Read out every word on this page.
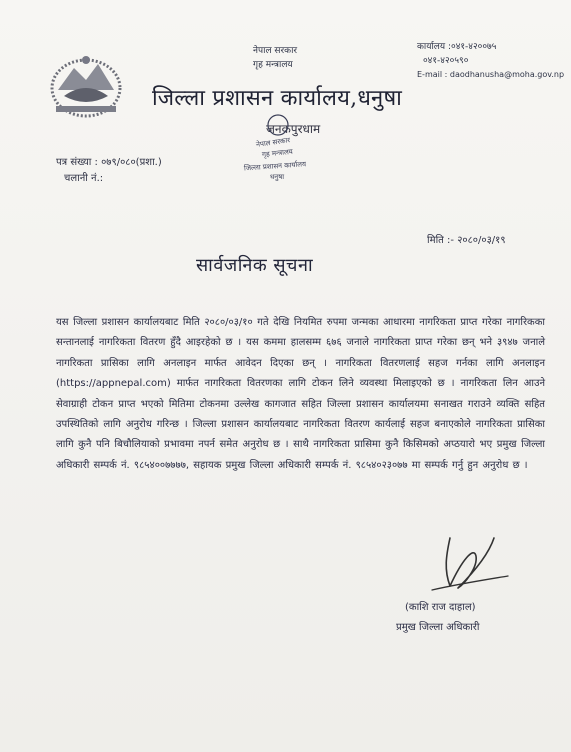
नेपाल सरकार
गृह मन्त्रालय
कार्यालय :०४१-४२००७५
०४१-४२०५९०
E-mail : daodhanusha@moha.gov.np
जिल्ला प्रशासन कार्यालय,धनुषा
जनकपुरधाम
नेपाल सरकार
गृह मन्त्रालय
जिल्ला प्रशासन कार्यालय
धनुषा
पत्र संख्या : ०७९/०८०(प्रशा.)
चलानी नं.:
मिति :- २०८०/०३/१९
सार्वजनिक सूचना

यस जिल्ला प्रशासन कार्यालयबाट मिति २०८०/०३/१० गते देखि नियमित रुपमा जन्मका आधारमा नागरिकता प्राप्त गरेका नागरिकका सन्तानलाई नागरिकता वितरण हुँदै आइरहेको छ । यस कममा हालसम्म ६७६ जनाले नागरिकता प्राप्त गरेका छन् भने ३९४७ जनाले नागरिकता प्रासिका लागि अनलाइन मार्फत आवेदन दिएका छन् । नागरिकता वितरणलाई सहज गर्नका लागि अनलाइन (https://appnepal.com) मार्फत नागरिकता वितरणका लागि टोकन लिने व्यवस्था मिलाइएको छ । नागरिकता लिन आउने सेवाग्राही टोकन प्राप्त भएको मितिमा टोकनमा उल्लेख कागजात सहित जिल्ला प्रशासन कार्यालयमा सनाखत गराउने व्यक्ति सहित उपस्थितिको लागि अनुरोध गरिन्छ । जिल्ला प्रशासन कार्यालयबाट नागरिकता वितरण कार्यलाई सहज बनाएकोले नागरिकता प्रासिका लागि कुनै पनि बिचौलियाको प्रभावमा नपर्न समेत अनुरोध छ । साथै नागरिकता प्रासिमा कुनै किसिमको अप्ठयारो भए प्रमुख जिल्ला अधिकारी सम्पर्क नं. ९८५४००७७७७, सहायक प्रमुख जिल्ला अधिकारी सम्पर्क नं. ९८५४०२३०७७ मा सम्पर्क गर्नु हुन अनुरोध छ ।

(काशि राज दाहाल)
प्रमुख जिल्ला अधिकारी
